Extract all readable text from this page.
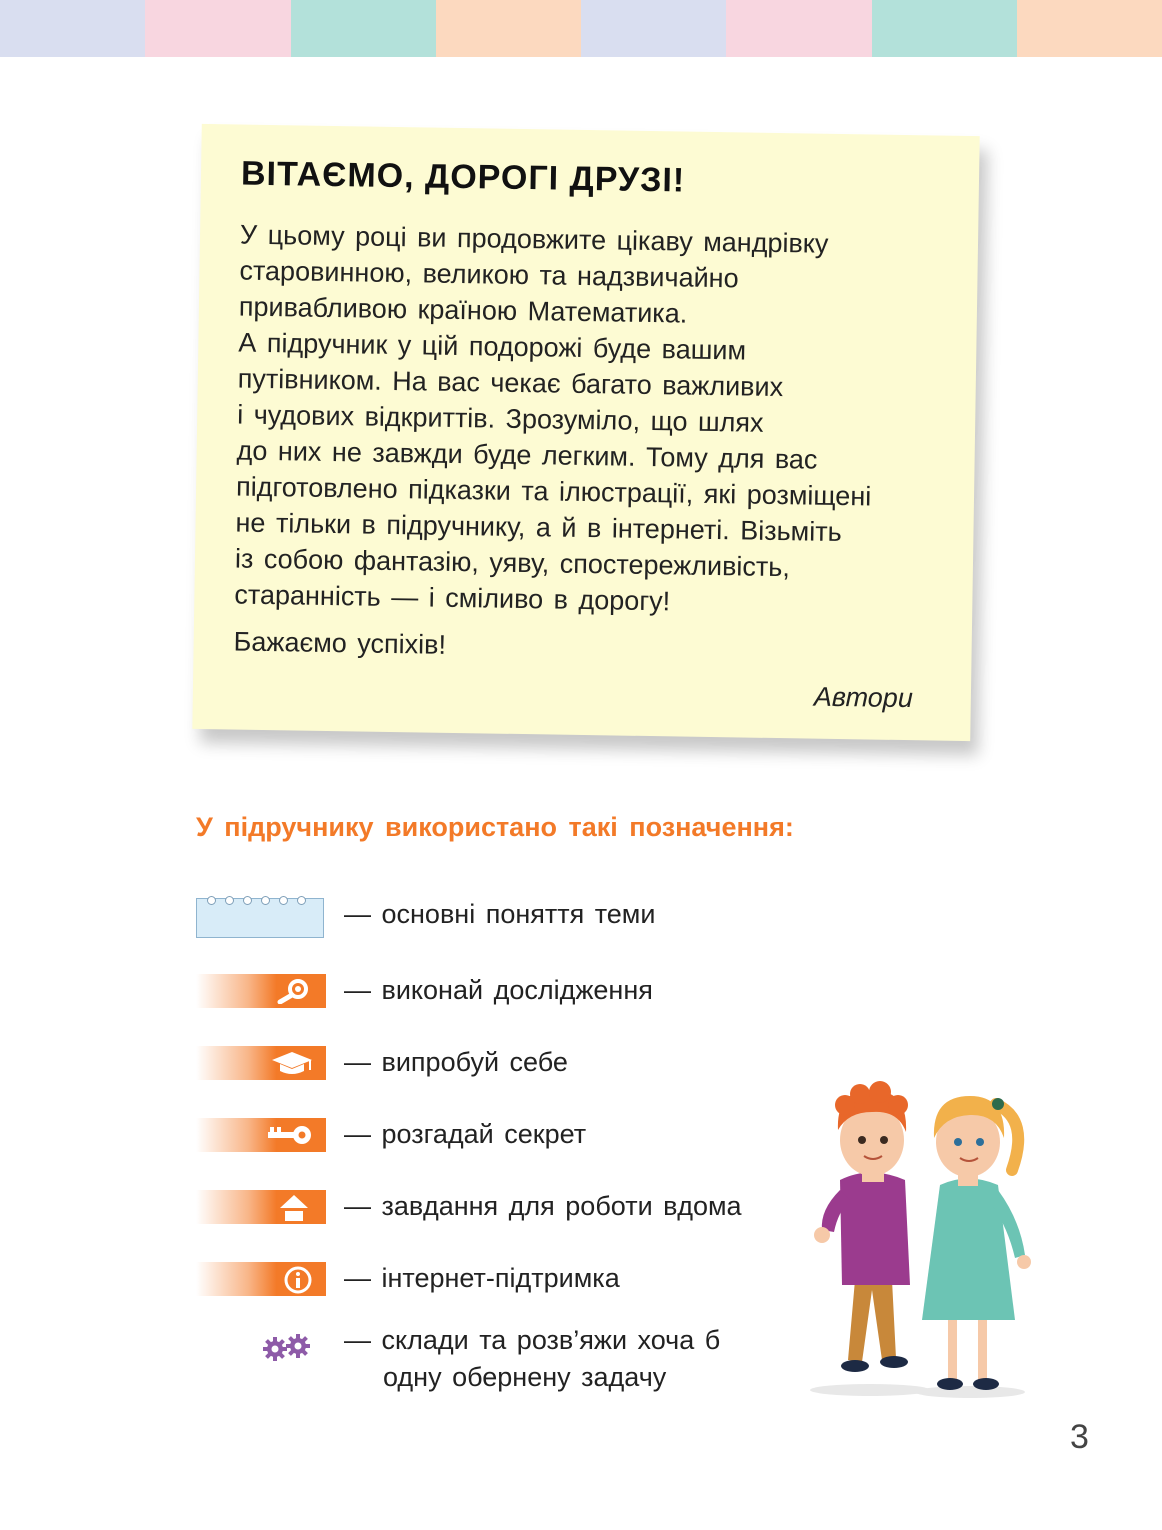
ВІТАЄМО, ДОРОГІ ДРУЗІ!
У цьому році ви продовжите цікаву мандрівку
старовинною, великою та надзвичайно
привабливою країною Математика.
А підручник у цій подорожі буде вашим
путівником. На вас чекає багато важливих
і чудових відкриттів. Зрозуміло, що шлях
до них не завжди буде легким. Тому для вас
підготовлено підказки та ілюстрації, які розміщені
не тільки в підручнику, а й в інтернеті. Візьміть
із собою фантазію, уяву, спостережливість,
старанність — і сміливо в дорогу!
Бажаємо успіхів!
Автори
У підручнику використано такі позначення:
— основні поняття теми
— виконай дослідження
— випробуй себе
— розгадай секрет
— завдання для роботи вдома
— інтернет-підтримка
— склади та розв’яжи хоча б
одну обернену задачу
3
